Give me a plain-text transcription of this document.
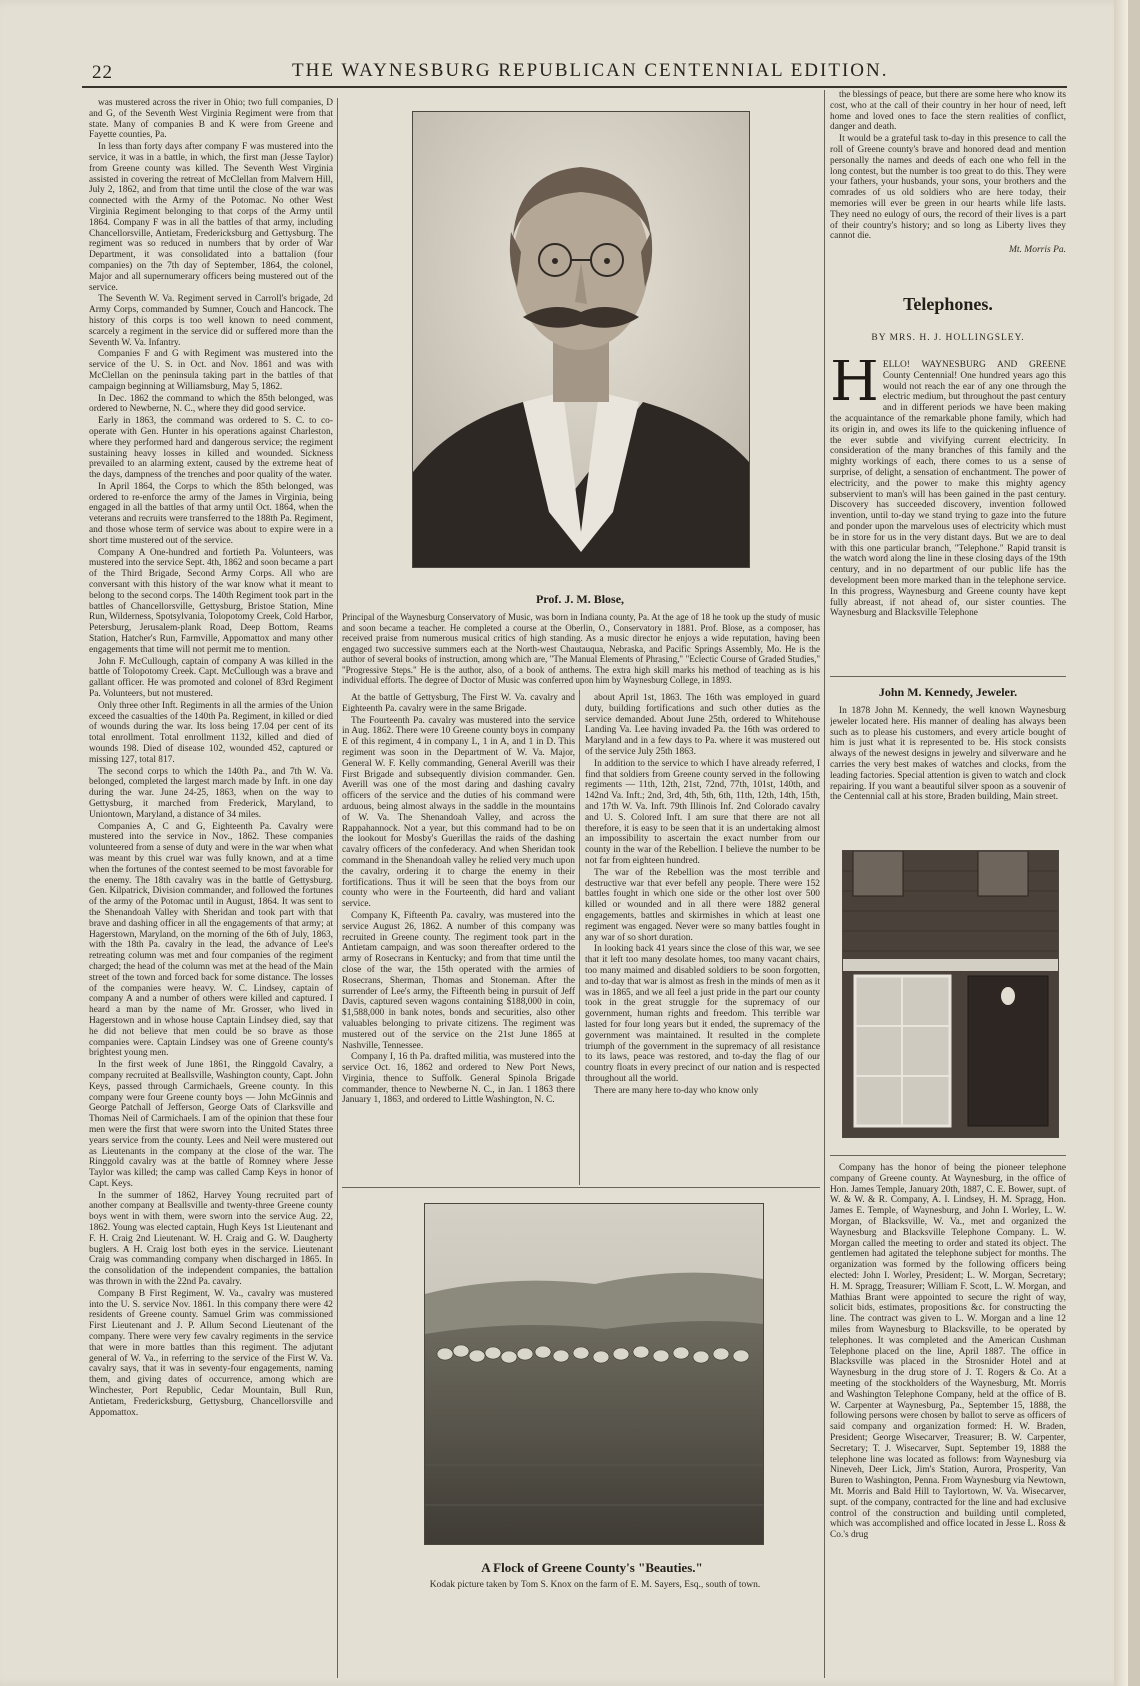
22	THE WAYNESBURG REPUBLICAN CENTENNIAL EDITION.

was mustered across the river in Ohio; two full companies, D and G, of the Seventh West Virginia Regiment were from that state. Many of companies B and K were from Greene and Fayette counties, Pa.

In less than forty days after company F was mustered into the service, it was in a battle, in which, the first man (Jesse Taylor) from Greene county was killed. The Seventh West Virginia assisted in covering the retreat of McClellan from Malvern Hill, July 2, 1862, and from that time until the close of the war was connected with the Army of the Potomac. No other West Virginia Regiment belonging to that corps of the Army until 1864. Company F was in all the battles of that army, including Chancellorsville, Antietam, Fredericksburg and Gettysburg. The regiment was so reduced in numbers that by order of War Department, it was consolidated into a battalion (four companies) on the 7th day of September, 1864, the colonel, Major and all supernumerary officers being mustered out of the service.

The Seventh W. Va. Regiment served in Carroll's brigade, 2d Army Corps, commanded by Sumner, Couch and Hancock. The history of this corps is too well known to need comment, scarcely a regiment in the service did or suffered more than the Seventh W. Va. Infantry.

Companies F and G with Regiment was mustered into the service of the U. S. in Oct. and Nov. 1861 and was with McClellan on the peninsula taking part in the battles of that campaign beginning at Williamsburg, May 5, 1862.

In Dec. 1862 the command to which the 85th belonged, was ordered to Newberne, N. C., where they did good service.

Early in 1863, the command was ordered to S. C. to co-operate with Gen. Hunter in his operations against Charleston, where they performed hard and dangerous service; the regiment sustaining heavy losses in killed and wounded. Sickness prevailed to an alarming extent, caused by the extreme heat of the days, dampness of the trenches and poor quality of the water.

In April 1864, the Corps to which the 85th belonged, was ordered to re-enforce the army of the James in Virginia, being engaged in all the battles of that army until Oct. 1864, when the veterans and recruits were transferred to the 188th Pa. Regiment, and those whose term of service was about to expire were in a short time mustered out of the service.

Company A One-hundred and fortieth Pa. Volunteers, was mustered into the service Sept. 4th, 1862 and soon became a part of the Third Brigade, Second Army Corps. All who are conversant with this history of the war know what it meant to belong to the second corps. The 140th Regiment took part in the battles of Chancellorsville, Gettysburg, Bristoe Station, Mine Run, Wilderness, Spotsylvania, Tolopotomy Creek, Cold Harbor, Petersburg, Jerusalem-plank Road, Deep Bottom, Reams Station, Hatcher's Run, Farmville, Appomattox and many other engagements that time will not permit me to mention.

John F. McCullough, captain of company A was killed in the battle of Tolopotomy Creek. Capt. McCullough was a brave and gallant officer. He was promoted and colonel of 83rd Regiment Pa. Volunteers, but not mustered.

Only three other Inft. Regiments in all the armies of the Union exceed the casualties of the 140th Pa. Regiment, in killed or died of wounds during the war. Its loss being 17.04 per cent of its total enrollment. Total enrollment 1132, killed and died of wounds 198. Died of disease 102, wounded 452, captured or missing 127, total 817.

The second corps to which the 140th Pa., and 7th W. Va. belonged, completed the largest march made by Inft. in one day during the war. June 24-25, 1863, when on the way to Gettysburg, it marched from Frederick, Maryland, to Uniontown, Maryland, a distance of 34 miles.

Companies A, C and G, Eighteenth Pa. Cavalry were mustered into the service in Nov., 1862. These companies volunteered from a sense of duty and were in the war when what was meant by this cruel war was fully known, and at a time when the fortunes of the contest seemed to be most favorable for the enemy. The 18th cavalry was in the battle of Gettysburg. Gen. Kilpatrick, Division commander, and followed the fortunes of the army of the Potomac until in August, 1864. It was sent to the Shenandoah Valley with Sheridan and took part with that brave and dashing officer in all the engagements of that army; at Hagerstown, Maryland, on the morning of the 6th of July, 1863, with the 18th Pa. cavalry in the lead, the advance of Lee's retreating column was met and four companies of the regiment charged; the head of the column was met at the head of the Main street of the town and forced back for some distance. The losses of the companies were heavy. W. C. Lindsey, captain of company A and a number of others were killed and captured. I heard a man by the name of Mr. Grosser, who lived in Hagerstown and in whose house Captain Lindsey died, say that he did not believe that men could be so brave as those companies were. Captain Lindsey was one of Greene county's brightest young men.

In the first week of June 1861, the Ringgold Cavalry, a company recruited at Beallsville, Washington county, Capt. John Keys, passed through Carmichaels, Greene county. In this company were four Greene county boys — John McGinnis and George Patchall of Jefferson, George Oats of Clarksville and Thomas Neil of Carmichaels. I am of the opinion that these four men were the first that were sworn into the United States three years service from the county. Lees and Neil were mustered out as Lieutenants in the company at the close of the war. The Ringgold cavalry was at the battle of Romney where Jesse Taylor was killed; the camp was called Camp Keys in honor of Capt. Keys.

In the summer of 1862, Harvey Young recruited part of another company at Beallsville and twenty-three Greene county boys went in with them, were sworn into the service Aug. 22, 1862. Young was elected captain, Hugh Keys 1st Lieutenant and F. H. Craig 2nd Lieutenant. W. H. Craig and G. W. Daugherty buglers. A H. Craig lost both eyes in the service. Lieutenant Craig was commanding company when discharged in 1865. In the consolidation of the independent companies, the battalion was thrown in with the 22nd Pa. cavalry.

Company B First Regiment, W. Va., cavalry was mustered into the U. S. service Nov. 1861. In this company there were 42 residents of Greene county. Samuel Grim was commissioned First Lieutenant and J. P. Allum Second Lieutenant of the company. There were very few cavalry regiments in the service that were in more battles than this regiment. The adjutant general of W. Va., in referring to the service of the First W. Va. cavalry says, that it was in seventy-four engagements, naming them, and giving dates of occurrence, among which are Winchester, Port Republic, Cedar Mountain, Bull Run, Antietam, Fredericksburg, Gettysburg, Chancellorsville and Appomattox.

Prof. J. M. Blose,
Principal of the Waynesburg Conservatory of Music, was born in Indiana county, Pa. At the age of 18 he took up the study of music and soon became a teacher. He completed a course at the Oberlin, O., Conservatory in 1881. Prof. Blose, as a composer, has received praise from numerous musical critics of high standing. As a music director he enjoys a wide reputation, having been engaged two successive summers each at the North-west Chautauqua, Nebraska, and Pacific Springs Assembly, Mo. He is the author of several books of instruction, among which are, "The Manual Elements of Phrasing," "Eclectic Course of Graded Studies," "Progressive Steps." He is the author, also, of a book of anthems. The extra high skill marks his method of teaching as is his individual efforts. The degree of Doctor of Music was conferred upon him by Waynesburg College, in 1893.

At the battle of Gettysburg, The First W. Va. cavalry and Eighteenth Pa. cavalry were in the same Brigade.

The Fourteenth Pa. cavalry was mustered into the service in Aug. 1862. There were 10 Greene county boys in company E of this regiment, 4 in company L, 1 in A, and 1 in D. This regiment was soon in the Department of W. Va. Major, General W. F. Kelly commanding, General Averill was their First Brigade and subsequently division commander. Gen. Averill was one of the most daring and dashing cavalry officers of the service and the duties of his command were arduous, being almost always in the saddle in the mountains of W. Va. The Shenandoah Valley, and across the Rappahannock. Not a year, but this command had to be on the lookout for Mosby's Guerillas the raids of the dashing cavalry officers of the confederacy. And when Sheridan took command in the Shenandoah valley he relied very much upon the cavalry, ordering it to charge the enemy in their fortifications. Thus it will be seen that the boys from our county who were in the Fourteenth, did hard and valiant service.

Company K, Fifteenth Pa. cavalry, was mustered into the service August 26, 1862. A number of this company was recruited in Greene county. The regiment took part in the Antietam campaign, and was soon thereafter ordered to the army of Rosecrans in Kentucky; and from that time until the close of the war, the 15th operated with the armies of Rosecrans, Sherman, Thomas and Stoneman. After the surrender of Lee's army, the Fifteenth being in pursuit of Jeff Davis, captured seven wagons containing $188,000 in coin, $1,588,000 in bank notes, bonds and securities, also other valuables belonging to private citizens. The regiment was mustered out of the service on the 21st June 1865 at Nashville, Tennessee.

Company I, 16 th Pa. drafted militia, was mustered into the service Oct. 16, 1862 and ordered to New Port News, Virginia, thence to Suffolk. General Spinola Brigade commander, thence to Newberne N. C., in Jan. 1 1863 there January 1, 1863, and ordered to Little Washington, N. C.

about April 1st, 1863. The 16th was employed in guard duty, building fortifications and such other duties as the service demanded. About June 25th, ordered to Whitehouse Landing Va. Lee having invaded Pa. the 16th was ordered to Maryland and in a few days to Pa. where it was mustered out of the service July 25th 1863.

In addition to the service to which I have already referred, I find that soldiers from Greene county served in the following regiments — 11th, 12th, 21st, 72nd, 77th, 101st, 140th, and 142nd Va. Inft.; 2nd, 3rd, 4th, 5th, 6th, 11th, 12th, 14th, 15th, and 17th W. Va. Inft. 79th Illinois Inf. 2nd Colorado cavalry and U. S. Colored Inft. I am sure that there are not all therefore, it is easy to be seen that it is an undertaking almost an impossibility to ascertain the exact number from our county in the war of the Rebellion. I believe the number to be not far from eighteen hundred.

The war of the Rebellion was the most terrible and destructive war that ever befell any people. There were 152 battles fought in which one side or the other lost over 500 killed or wounded and in all there were 1882 general engagements, battles and skirmishes in which at least one regiment was engaged. Never were so many battles fought in any war of so short duration.

In looking back 41 years since the close of this war, we see that it left too many desolate homes, too many vacant chairs, too many maimed and disabled soldiers to be soon forgotten, and to-day that war is almost as fresh in the minds of men as it was in 1865, and we all feel a just pride in the part our county took in the great struggle for the supremacy of our government, human rights and freedom. This terrible war lasted for four long years but it ended, the supremacy of the government was maintained. It resulted in the complete triumph of the government in the supremacy of all resistance to its laws, peace was restored, and to-day the flag of our country floats in every precinct of our nation and is respected throughout all the world.

There are many here to-day who know only

A Flock of Greene County's "Beauties."
Kodak picture taken by Tom S. Knox on the farm of E. M. Sayers, Esq., south of town.

the blessings of peace, but there are some here who know its cost, who at the call of their country in her hour of need, left home and loved ones to face the stern realities of conflict, danger and death.

It would be a grateful task to-day in this presence to call the roll of Greene county's brave and honored dead and mention personally the names and deeds of each one who fell in the long contest, but the number is too great to do this. They were your fathers, your husbands, your sons, your brothers and the comrades of us old soldiers who are here today, their memories will ever be green in our hearts while life lasts. They need no eulogy of ours, the record of their lives is a part of their country's history; and so long as Liberty lives they cannot die.

Mt. Morris Pa.
Telephones.
BY MRS. H. J. HOLLINGSLEY.
H ELLO! WAYNESBURG AND GREENE County Centennial! One hundred years ago this would not reach the ear of any one through the electric medium, but throughout the past century and in different periods we have been making the acquaintance of the remarkable phone family, which had its origin in, and owes its life to the quickening influence of the ever subtle and vivifying current electricity. In consideration of the many branches of this family and the mighty workings of each, there comes to us a sense of surprise, of delight, a sensation of enchantment. The power of electricity, and the power to make this mighty agency subservient to man's will has been gained in the past century. Discovery has succeeded discovery, invention followed invention, until to-day we stand trying to gaze into the future and ponder upon the marvelous uses of electricity which must be in store for us in the very distant days. But we are to deal with this one particular branch, "Telephone." Rapid transit is the watch word along the line in these closing days of the 19th century, and in no department of our public life has the development been more marked than in the telephone service. In this progress, Waynesburg and Greene county have kept fully abreast, if not ahead of, our sister counties. The Waynesburg and Blacksville Telephone
John M. Kennedy, Jeweler.

In 1878 John M. Kennedy, the well known Waynesburg jeweler located here. His manner of dealing has always been such as to please his customers, and every article bought of him is just what it is represented to be. His stock consists always of the newest designs in jewelry and silverware and he carries the very best makes of watches and clocks, from the leading factories. Special attention is given to watch and clock repairing. If you want a beautiful silver spoon as a souvenir of the Centennial call at his store, Braden building, Main street.

Company has the honor of being the pioneer telephone company of Greene county. At Waynesburg, in the office of Hon. James Temple, January 20th, 1887, C. E. Bower, supt. of W. & W. & R. Company, A. I. Lindsey, H. M. Spragg, Hon. James E. Temple, of Waynesburg, and John I. Worley, L. W. Morgan, of Blacksville, W. Va., met and organized the Waynesburg and Blacksville Telephone Company. L. W. Morgan called the meeting to order and stated its object. The gentlemen had agitated the telephone subject for months. The organization was formed by the following officers being elected: John I. Worley, President; L. W. Morgan, Secretary; H. M. Spragg, Treasurer; William F. Scott, L. W. Morgan, and Mathias Brant were appointed to secure the right of way, solicit bids, estimates, propositions &c. for constructing the line. The contract was given to L. W. Morgan and a line 12 miles from Waynesburg to Blacksville, to be operated by telephones. It was completed and the American Cushman Telephone placed on the line, April 1887. The office in Blacksville was placed in the Strosnider Hotel and at Waynesburg in the drug store of J. T. Rogers & Co. At a meeting of the stockholders of the Waynesburg, Mt. Morris and Washington Telephone Company, held at the office of B. W. Carpenter at Waynesburg, Pa., September 15, 1888, the following persons were chosen by ballot to serve as officers of said company and organization formed: H. W. Braden, President; George Wisecarver, Treasurer; B. W. Carpenter, Secretary; T. J. Wisecarver, Supt. September 19, 1888 the telephone line was located as follows: from Waynesburg via Nineveh, Deer Lick, Jim's Station, Aurora, Prosperity, Van Buren to Washington, Penna. From Waynesburg via Newtown, Mt. Morris and Bald Hill to Taylortown, W. Va. Wisecarver, supt. of the company, contracted for the line and had exclusive control of the construction and building until completed, which was accomplished and office located in Jesse L. Ross & Co.'s drug
